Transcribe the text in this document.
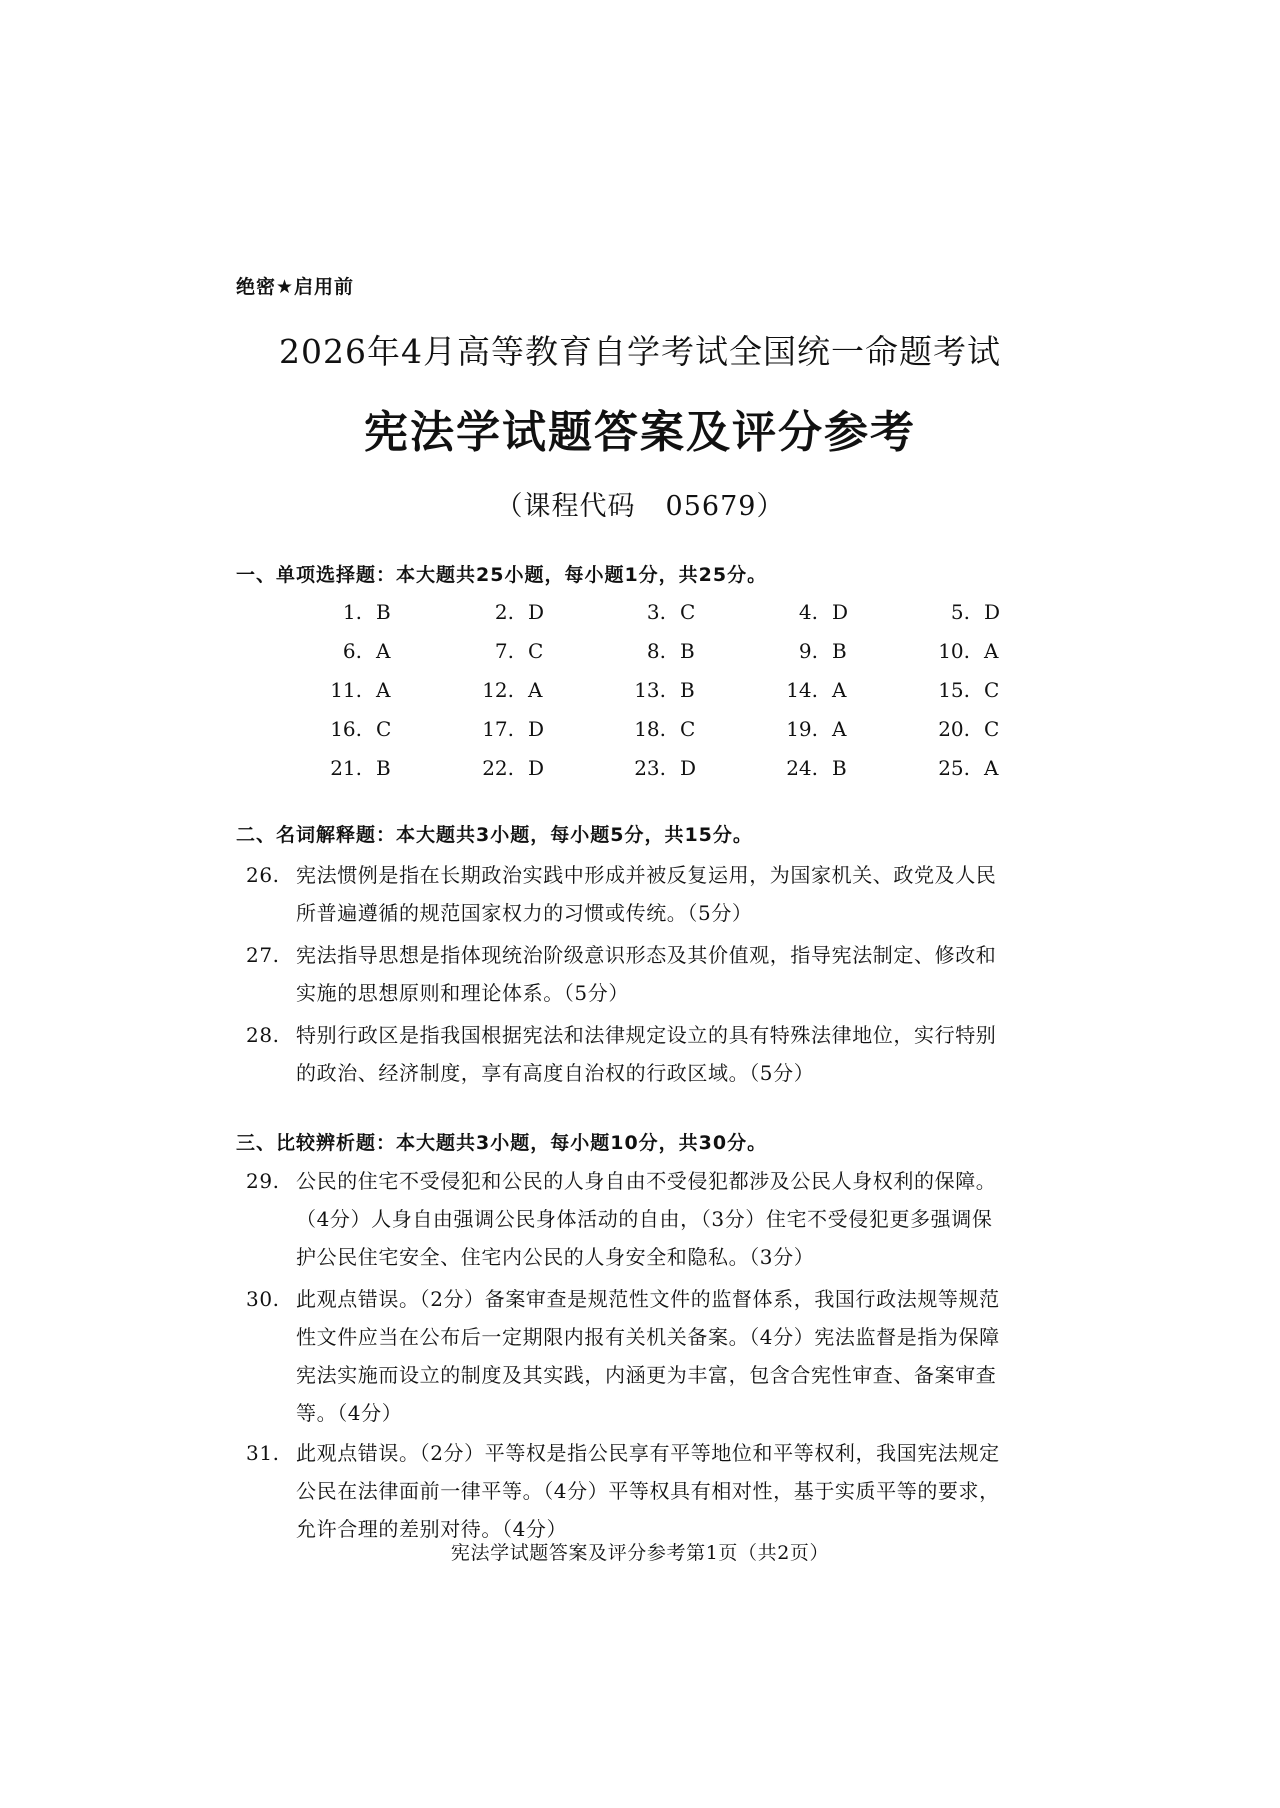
绝密★启用前
2026年4月高等教育自学考试全国统一命题考试
宪法学试题答案及评分参考
（课程代码 05679）
一、单项选择题：本大题共25小题，每小题1分，共25分。
1. B	2. D	3. C	4. D	5. D
6. A	7. C	8. B	9. B	10. A
11. A	12. A	13. B	14. A	15. C
16. C	17. D	18. C	19. A	20. C
21. B	22. D	23. D	24. B	25. A
二、名词解释题：本大题共3小题，每小题5分，共15分。
26. 宪法惯例是指在长期政治实践中形成并被反复运用，为国家机关、政党及人民
所普遍遵循的规范国家权力的习惯或传统。（5分）
27. 宪法指导思想是指体现统治阶级意识形态及其价值观，指导宪法制定、修改和
实施的思想原则和理论体系。（5分）
28. 特别行政区是指我国根据宪法和法律规定设立的具有特殊法律地位，实行特别
的政治、经济制度，享有高度自治权的行政区域。（5分）
三、比较辨析题：本大题共3小题，每小题10分，共30分。
29. 公民的住宅不受侵犯和公民的人身自由不受侵犯都涉及公民人身权利的保障。
（4分）人身自由强调公民身体活动的自由，（3分）住宅不受侵犯更多强调保
护公民住宅安全、住宅内公民的人身安全和隐私。（3分）
30. 此观点错误。（2分）备案审查是规范性文件的监督体系，我国行政法规等规范
性文件应当在公布后一定期限内报有关机关备案。（4分）宪法监督是指为保障
宪法实施而设立的制度及其实践，内涵更为丰富，包含合宪性审查、备案审查
等。（4分）
31. 此观点错误。（2分）平等权是指公民享有平等地位和平等权利，我国宪法规定
公民在法律面前一律平等。（4分）平等权具有相对性，基于实质平等的要求，
允许合理的差别对待。（4分）
宪法学试题答案及评分参考第1页（共2页）
